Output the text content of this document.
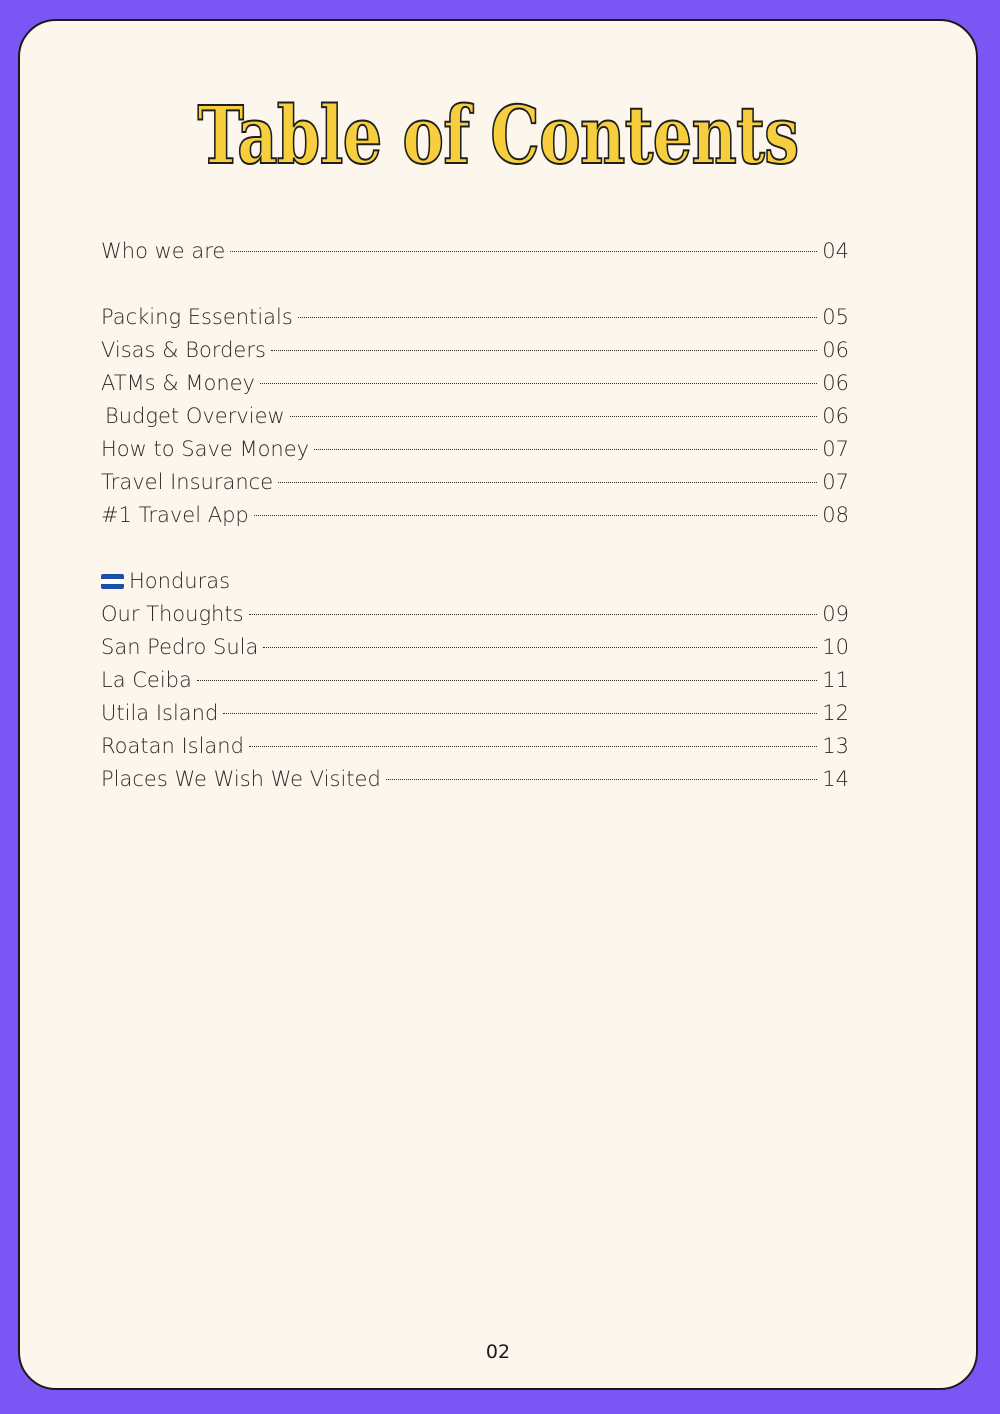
Table of Contents
Who we are	04
Packing Essentials	05
Visas & Borders	06
ATMs & Money	06
Budget Overview	06
How to Save Money	07
Travel Insurance	07
#1 Travel App	08
Honduras
Our Thoughts	09
San Pedro Sula	10
La Ceiba	11
Utila Island	12
Roatan Island	13
Places We Wish We Visited	14
02
